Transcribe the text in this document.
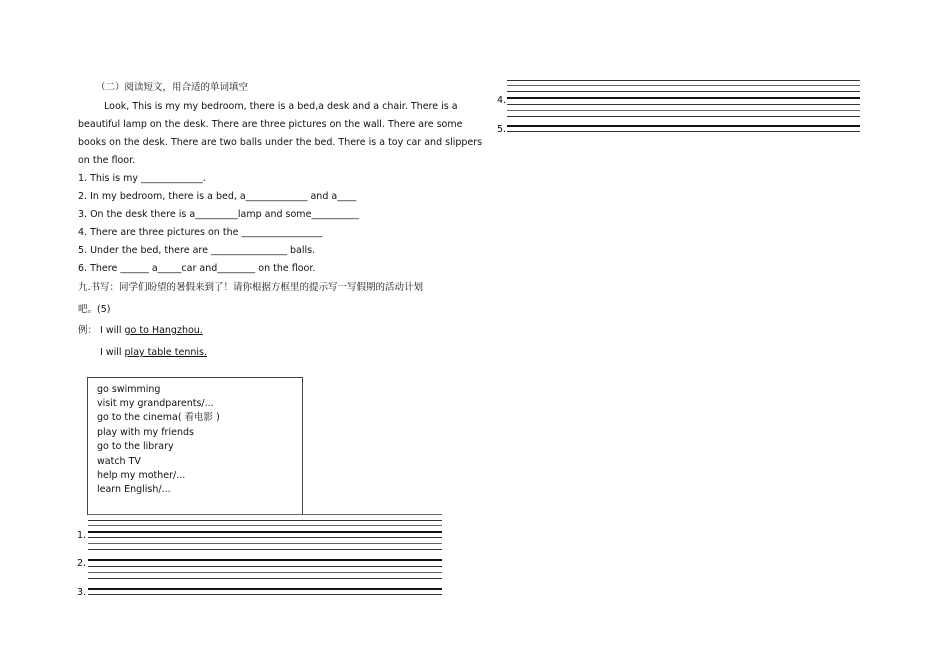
（二）阅读短文，用合适的单词填空
Look, This is my my bedroom, there is a bed,a desk and a chair. There is a
beautiful lamp on the desk. There are three pictures on the wall. There are some
books on the desk. There are two balls under the bed. There is a toy car and slippers
on the floor.
1. This is my _____________.
2. In my bedroom, there is a bed, a_____________ and a____
3. On the desk there is a_________lamp and some__________
4. There are three pictures on the _________________
5. Under the bed, there are ________________ balls.
6. There ______ a_____car and________ on the floor.
九.书写：同学们盼望的暑假来到了！请你根据方框里的提示写一写假期的活动计划
吧。(5)
例： I will go to Hangzhou.
I will play table tennis.
go swimming
visit my grandparents/...
go to the cinema( 看电影 )
play with my friends
go to the library
watch TV
help my mother/...
learn English/...
1.
2.
3.
4.
5.
